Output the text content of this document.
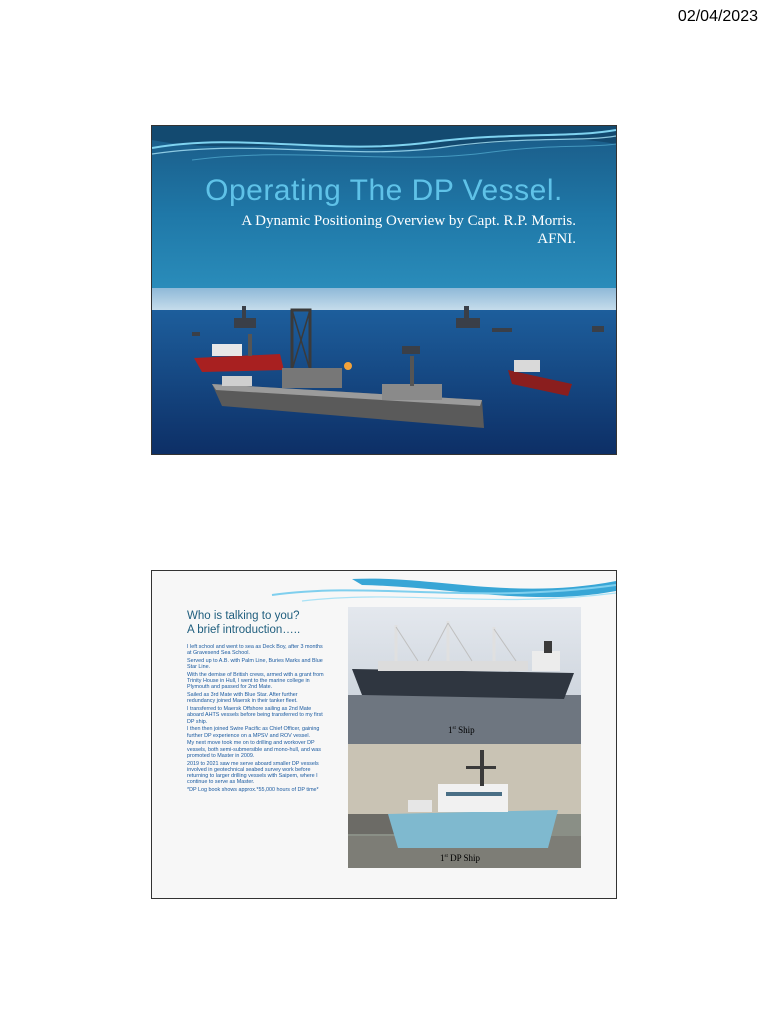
02/04/2023
Operating The DP Vessel.
A Dynamic Positioning Overview by Capt. R.P. Morris.
AFNI.
Who is talking to you?
A brief introduction…..

I left school and went to sea as Deck Boy, after 3 months at Gravesend Sea School.

Served up to A.B. with Palm Line, Buries Marks and Blue Star Line.

With the demise of British crews, armed with a grant from Trinity House in Hull, I went to the marine college in Plymouth and passed for 2nd Mate.

Sailed as 3rd Mate with Blue Star. After further redundancy joined Maersk in their tanker fleet.

I transferred to Maersk Offshore sailing as 2nd Mate aboard AHTS vessels before being transferred to my first DP ship.

I then then joined Swire Pacific as Chief Officer, gaining further DP experience on a MPSV and ROV vessel.

My next move took me on to drilling and workover DP vessels, both semi-submersible and mono-hull, and was promoted to Master in 2009.

2019 to 2021 saw me serve aboard smaller DP vessels involved in geotechnical seabed survey work before returning to larger drilling vessels with Saipem, where I continue to serve as Master.

*DP Log book shows approx.*55,000 hours of DP time*

1st Ship
1st DP Ship
